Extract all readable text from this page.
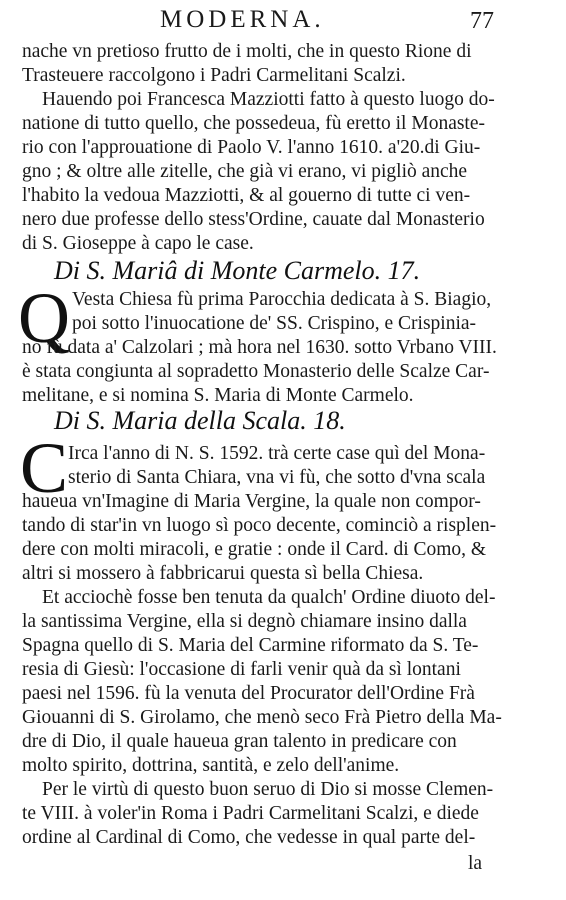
MODERNA.	77
nache vn pretioso frutto de i molti, che in questo Rione di
Trasteuere raccolgono i Padri Carmelitani Scalzi.
Hauendo poi Francesca Mazziotti fatto à questo luogo do-
natione di tutto quello, che possedeua, fù eretto il Monaste-
rio con l'approuatione di Paolo V. l'anno 1610. a'20.di Giu-
gno ; & oltre alle zitelle, che già vi erano, vi pigliò anche
l'habito la vedoua Mazziotti, & al gouerno di tutte ci ven-
nero due professe dello stess'Ordine, cauate dal Monasterio
di S. Gioseppe à capo le case.
Di S. Mariâ di Monte Carmelo. 17.
Q Vesta Chiesa fù prima Parocchia dedicata à S. Biagio,
poi sotto l'inuocatione de' SS. Crispino, e Crispinia-
no fù data a' Calzolari ; mà hora nel 1630. sotto Vrbano VIII.
è stata congiunta al sopradetto Monasterio delle Scalze Car-
melitane, e si nomina S. Maria di Monte Carmelo.
Di S. Maria della Scala. 18.
C Irca l'anno di N. S. 1592. trà certe case quì del Mona-
sterio di Santa Chiara, vna vi fù, che sotto d'vna scala
haueua vn'Imagine di Maria Vergine, la quale non compor-
tando di star'in vn luogo sì poco decente, cominciò a risplen-
dere con molti miracoli, e gratie : onde il Card. di Como, &
altri si mossero à fabbricarui questa sì bella Chiesa.
Et acciochè fosse ben tenuta da qualch' Ordine diuoto del-
la santissima Vergine, ella si degnò chiamare insino dalla
Spagna quello di S. Maria del Carmine riformato da S. Te-
resia di Giesù: l'occasione di farli venir quà da sì lontani
paesi nel 1596. fù la venuta del Procurator dell'Ordine Frà
Giouanni di S. Girolamo, che menò seco Frà Pietro della Ma-
dre di Dio, il quale haueua gran talento in predicare con
molto spirito, dottrina, santità, e zelo dell'anime.
Per le virtù di questo buon seruo di Dio si mosse Clemen-
te VIII. à voler'in Roma i Padri Carmelitani Scalzi, e diede
ordine al Cardinal di Como, che vedesse in qual parte del-
la
